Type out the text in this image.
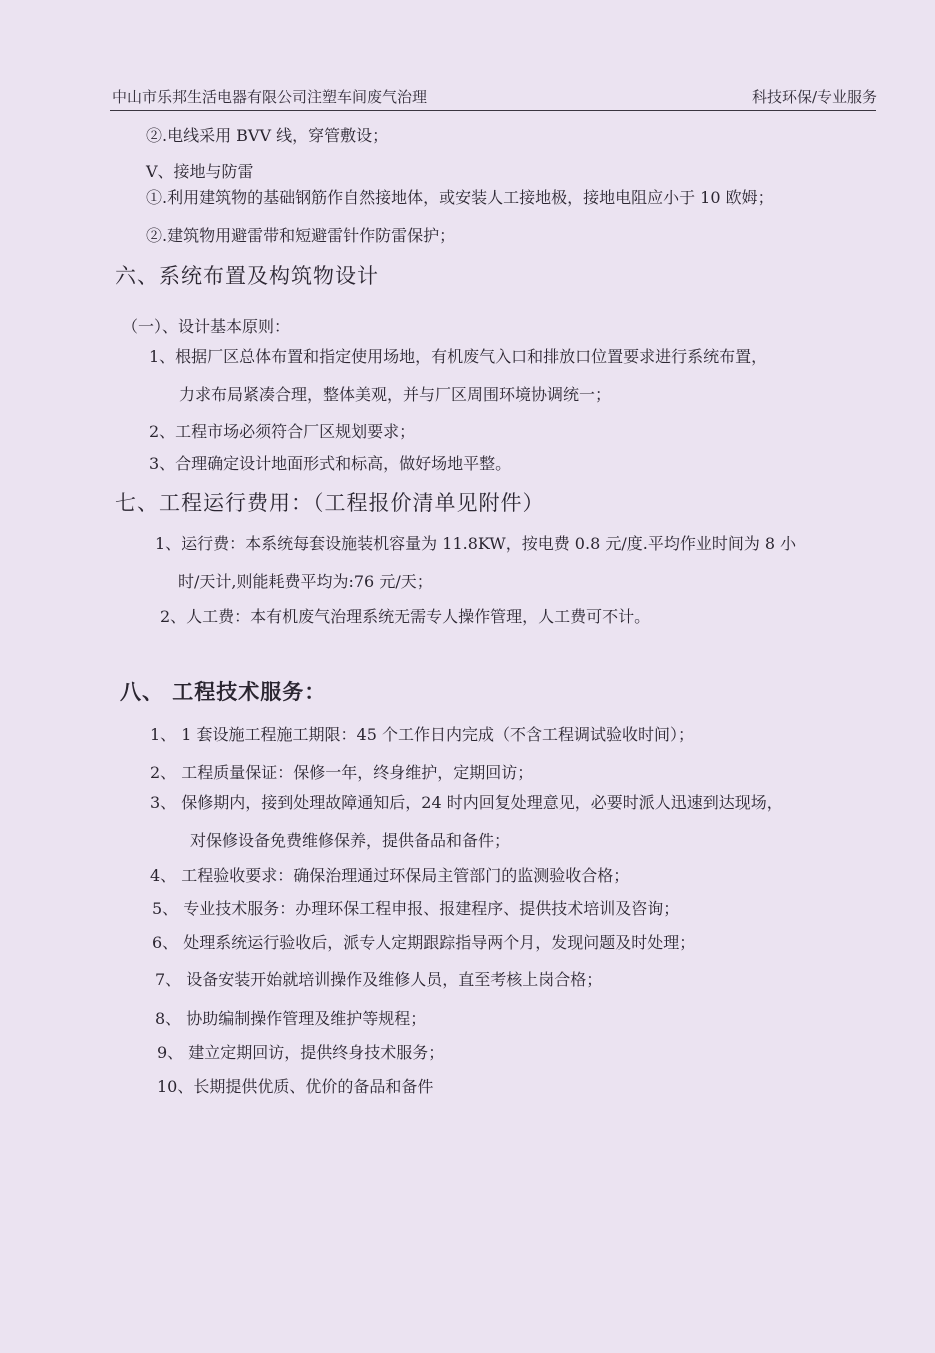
中山市乐邦生活电器有限公司注塑车间废气治理	科技环保/专业服务
②.电线采用 BVV 线，穿管敷设；
V、接地与防雷
①.利用建筑物的基础钢筋作自然接地体，或安装人工接地极，接地电阻应小于 10 欧姆；
②.建筑物用避雷带和短避雷针作防雷保护；
六、系统布置及构筑物设计
（一）、设计基本原则：
1、根据厂区总体布置和指定使用场地，有机废气入口和排放口位置要求进行系统布置，
力求布局紧凑合理，整体美观，并与厂区周围环境协调统一；
2、工程市场必须符合厂区规划要求；
3、合理确定设计地面形式和标高，做好场地平整。
七、工程运行费用：（工程报价清单见附件）
1、运行费：本系统每套设施装机容量为 11.8KW，按电费 0.8 元/度.平均作业时间为 8 小
时/天计,则能耗费平均为:76 元/天；
2、人工费：本有机废气治理系统无需专人操作管理，人工费可不计。
八、 工程技术服务：
1、 1 套设施工程施工期限：45 个工作日内完成（不含工程调试验收时间）；
2、 工程质量保证：保修一年，终身维护，定期回访；
3、 保修期内，接到处理故障通知后，24 时内回复处理意见，必要时派人迅速到达现场，
对保修设备免费维修保养，提供备品和备件；
4、 工程验收要求：确保治理通过环保局主管部门的监测验收合格；
5、 专业技术服务：办理环保工程申报、报建程序、提供技术培训及咨询；
6、 处理系统运行验收后，派专人定期跟踪指导两个月，发现问题及时处理；
7、 设备安装开始就培训操作及维修人员，直至考核上岗合格；
8、 协助编制操作管理及维护等规程；
9、 建立定期回访，提供终身技术服务；
10、长期提供优质、优价的备品和备件
